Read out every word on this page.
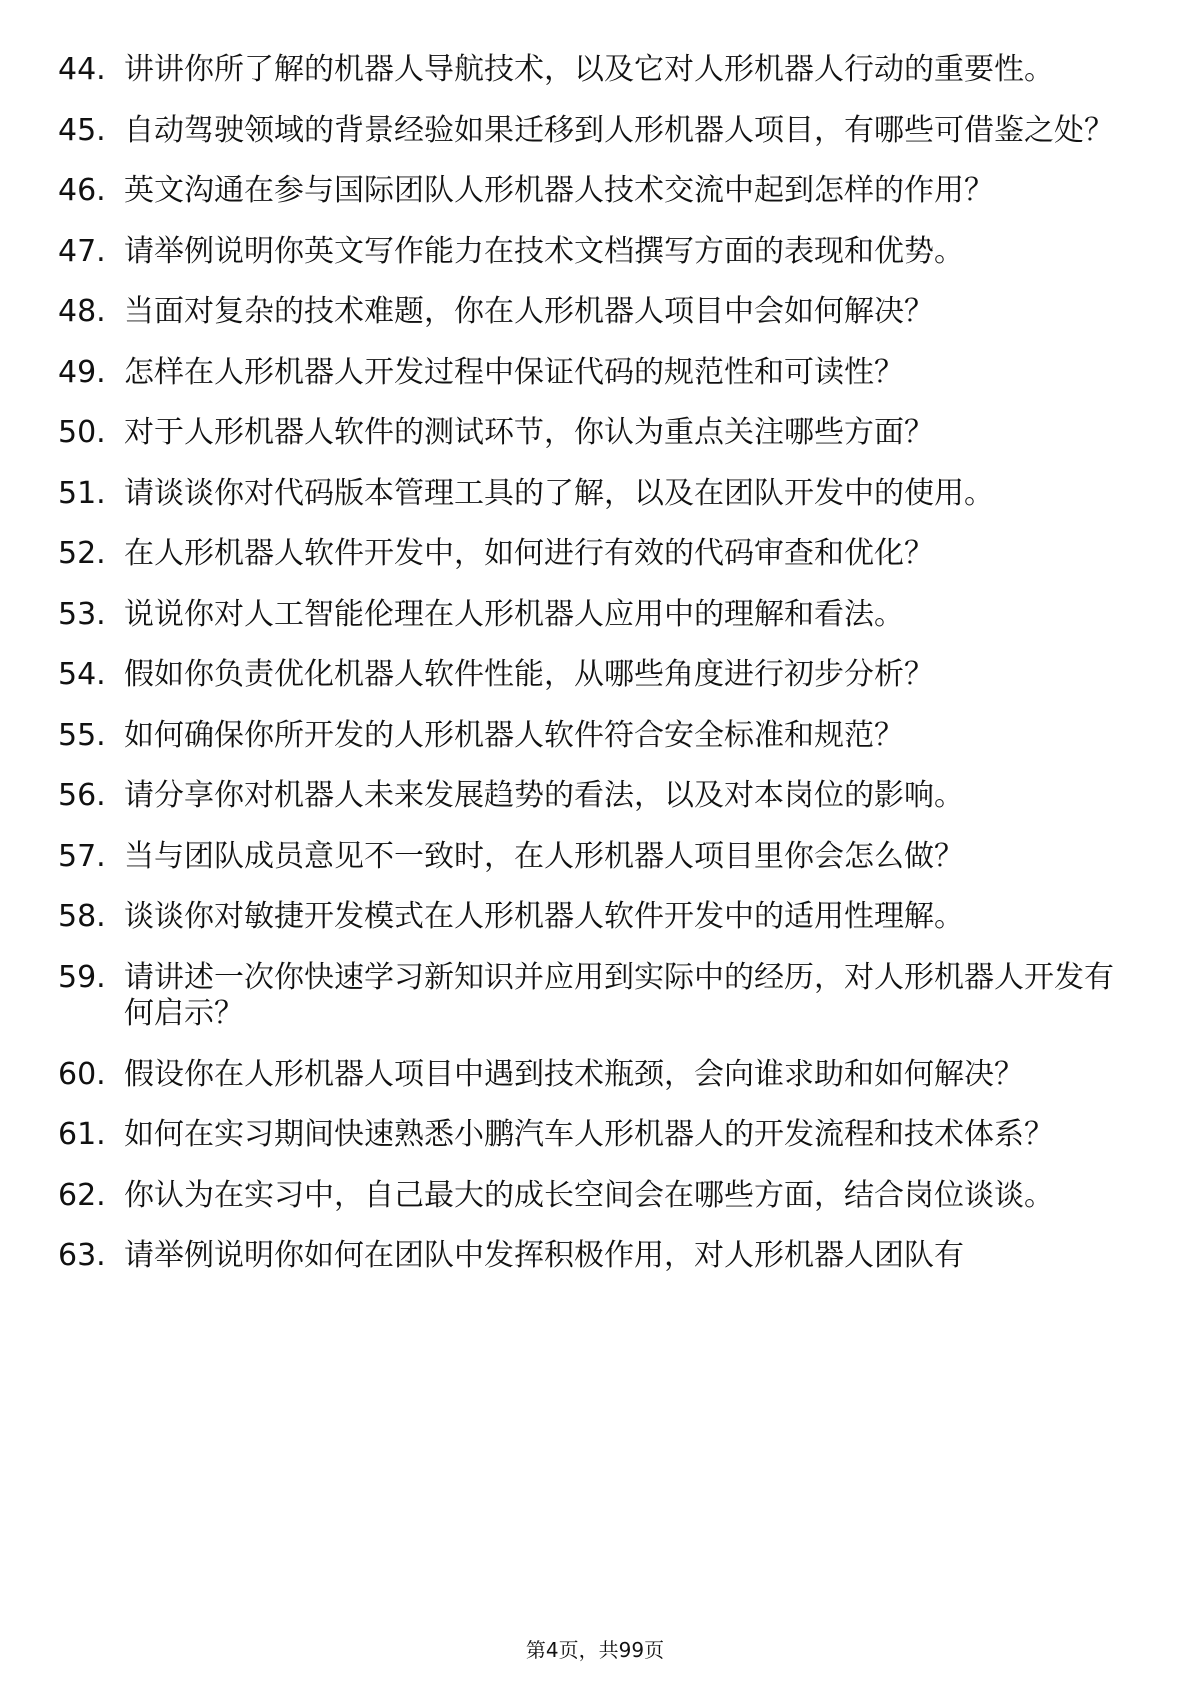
44. 讲讲你所了解的机器人导航技术，以及它对人形机器人行动的重要性。
45. 自动驾驶领域的背景经验如果迁移到人形机器人项目，有哪些可借鉴之处？
46. 英文沟通在参与国际团队人形机器人技术交流中起到怎样的作用？
47. 请举例说明你英文写作能力在技术文档撰写方面的表现和优势。
48. 当面对复杂的技术难题，你在人形机器人项目中会如何解决？
49. 怎样在人形机器人开发过程中保证代码的规范性和可读性？
50. 对于人形机器人软件的测试环节，你认为重点关注哪些方面？
51. 请谈谈你对代码版本管理工具的了解，以及在团队开发中的使用。
52. 在人形机器人软件开发中，如何进行有效的代码审查和优化？
53. 说说你对人工智能伦理在人形机器人应用中的理解和看法。
54. 假如你负责优化机器人软件性能，从哪些角度进行初步分析？
55. 如何确保你所开发的人形机器人软件符合安全标准和规范？
56. 请分享你对机器人未来发展趋势的看法，以及对本岗位的影响。
57. 当与团队成员意见不一致时，在人形机器人项目里你会怎么做？
58. 谈谈你对敏捷开发模式在人形机器人软件开发中的适用性理解。
59. 请讲述一次你快速学习新知识并应用到实际中的经历，对人形机器人开发有何启示？
60. 假设你在人形机器人项目中遇到技术瓶颈，会向谁求助和如何解决？
61. 如何在实习期间快速熟悉小鹏汽车人形机器人的开发流程和技术体系？
62. 你认为在实习中，自己最大的成长空间会在哪些方面，结合岗位谈谈。
63. 请举例说明你如何在团队中发挥积极作用，对人形机器人团队有
第4页，共99页
